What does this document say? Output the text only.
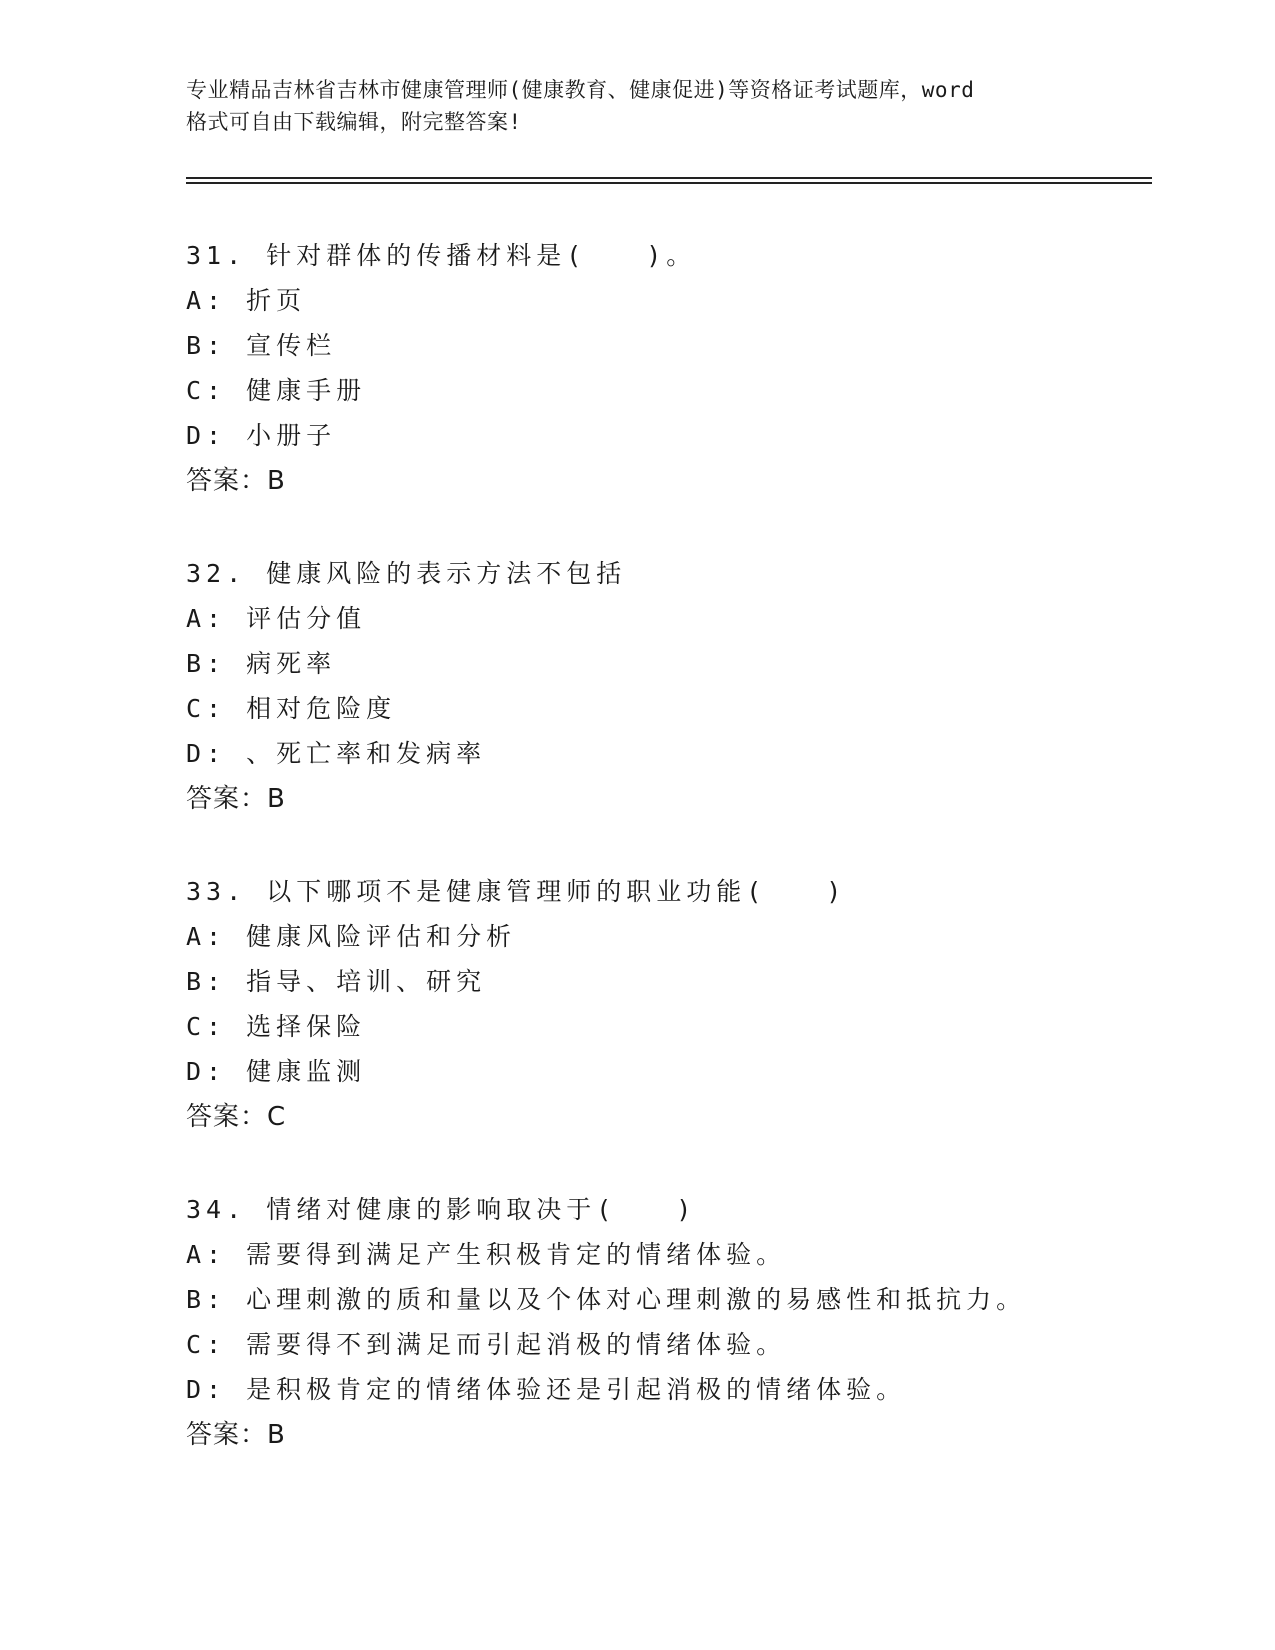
专业精品吉林省吉林市健康管理师(健康教育、健康促进)等资格证考试题库，word
格式可自由下载编辑，附完整答案!
31. 针对群体的传播材料是(　　)。
A: 折页
B: 宣传栏
C: 健康手册
D: 小册子
答案：B
32. 健康风险的表示方法不包括
A: 评估分值
B: 病死率
C: 相对危险度
D: 、死亡率和发病率
答案：B
33. 以下哪项不是健康管理师的职业功能(　　)
A: 健康风险评估和分析
B: 指导、培训、研究
C: 选择保险
D: 健康监测
答案：C
34. 情绪对健康的影响取决于(　　)
A: 需要得到满足产生积极肯定的情绪体验。
B: 心理刺激的质和量以及个体对心理刺激的易感性和抵抗力。
C: 需要得不到满足而引起消极的情绪体验。
D: 是积极肯定的情绪体验还是引起消极的情绪体验。
答案：B
